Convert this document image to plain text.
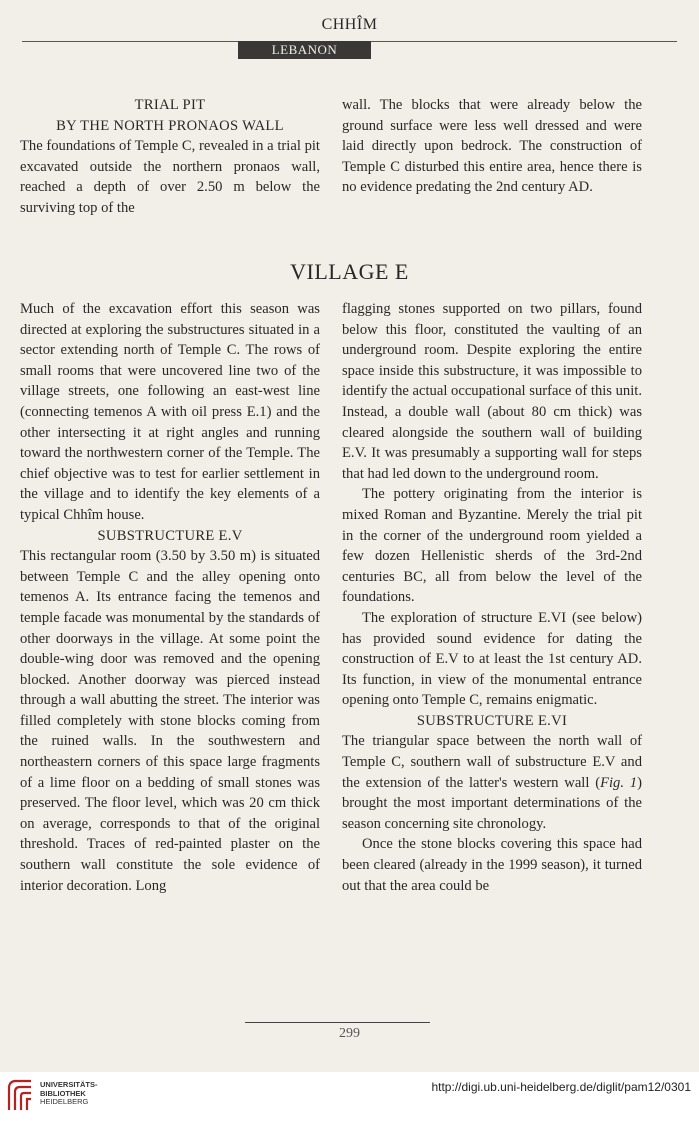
CHHÎM
LEBANON
TRIAL PIT
BY THE NORTH PRONAOS WALL

The foundations of Temple C, revealed in a trial pit excavated outside the northern pronaos wall, reached a depth of over 2.50 m below the surviving top of the

wall. The blocks that were already below the ground surface were less well dressed and were laid directly upon bedrock. The construction of Temple C disturbed this entire area, hence there is no evidence predating the 2nd century AD.

VILLAGE E

Much of the excavation effort this season was directed at exploring the substructures situated in a sector extending north of Temple C. The rows of small rooms that were uncovered line two of the village streets, one following an east-west line (connecting temenos A with oil press E.1) and the other intersecting it at right angles and running toward the northwestern corner of the Temple. The chief objective was to test for earlier settlement in the village and to identify the key elements of a typical Chhîm house.

SUBSTRUCTURE E.V

This rectangular room (3.50 by 3.50 m) is situated between Temple C and the alley opening onto temenos A. Its entrance facing the temenos and temple facade was monumental by the standards of other doorways in the village. At some point the double-wing door was removed and the opening blocked. Another doorway was pierced instead through a wall abutting the street. The interior was filled completely with stone blocks coming from the ruined walls. In the southwestern and northeastern corners of this space large fragments of a lime floor on a bedding of small stones was preserved. The floor level, which was 20 cm thick on average, corresponds to that of the original threshold. Traces of red-painted plaster on the southern wall constitute the sole evidence of interior decoration. Long

flagging stones supported on two pillars, found below this floor, constituted the vaulting of an underground room. Despite exploring the entire space inside this substructure, it was impossible to identify the actual occupational surface of this unit. Instead, a double wall (about 80 cm thick) was cleared alongside the southern wall of building E.V. It was presumably a supporting wall for steps that had led down to the underground room.

The pottery originating from the interior is mixed Roman and Byzantine. Merely the trial pit in the corner of the underground room yielded a few dozen Hellenistic sherds of the 3rd-2nd centuries BC, all from below the level of the foundations.

The exploration of structure E.VI (see below) has provided sound evidence for dating the construction of E.V to at least the 1st century AD. Its function, in view of the monumental entrance opening onto Temple C, remains enigmatic.

SUBSTRUCTURE E.VI

The triangular space between the north wall of Temple C, southern wall of substructure E.V and the extension of the latter's western wall (Fig. 1) brought the most important determinations of the season concerning site chronology.

Once the stone blocks covering this space had been cleared (already in the 1999 season), it turned out that the area could be

299
UNIVERSITÄTS-
BIBLIOTHEK
HEIDELBERG
http://digi.ub.uni-heidelberg.de/diglit/pam12/0301
